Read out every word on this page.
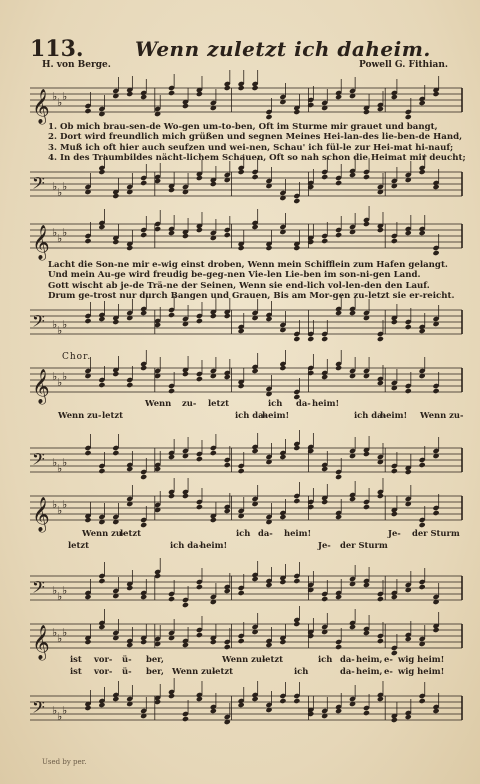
113.	Wenn zuletzt ich daheim.
H. von Berge.	Powell G. Fithian.
𝄞 ♭ ♭ ♭
1. Ob mich brau-sen-de Wo-gen um-to-ben, Oft im Sturme mir grauet und bangt,
2. Dort wird freundlich mich grüßen und segnen Meines Hei-lan-des lie-ben-de Hand,
3. Muß ich oft hier auch seufzen und wei-nen, Schau' ich fül-le zur Hei-mat hi-nauf;
4. In des Traumbildes nächt-lichem Schauen, Oft so nah schon die Heimat mir deucht;
𝄢 ♭ ♭ ♭
𝄞 ♭ ♭ ♭
Lacht die Son-ne mir e-wig einst droben, Wenn mein Schifflein zum Hafen gelangt.
Und mein Au-ge wird freudig be-geg-nen Vie-len Lie-ben im son-ni-gen Land.
Gott wischt ab je-de Trä-ne der Seinen, Wenn sie end-lich vol-len-den den Lauf.
Drum ge-trost nur durch Bangen und Grauen, Bis am Mor-gen zu-letzt sie er-reicht.
𝄢 ♭ ♭ ♭
Chor.
𝄞 ♭ ♭ ♭
Wenn zu- letzt	ich da- heim!
Wenn zu- letzt	ich da-
heim!	ich da-
heim! Wenn zu-
𝄢 ♭ ♭ ♭
𝄞 ♭ ♭ ♭
Wenn zu-
letzt	ich da- heim!	Je- der Sturm
letzt	ich da-
heim!	Je- der Sturm
𝄢 ♭ ♭ ♭
𝄞 ♭ ♭ ♭
ist vor- ü- ber,	Wenn zu-
letzt	ich da- heim, e- wig heim!
ist vor- ü- ber, Wenn zu-
letzt	ich	da- heim, e- wig heim!
𝄢 ♭ ♭ ♭
Used by per.
